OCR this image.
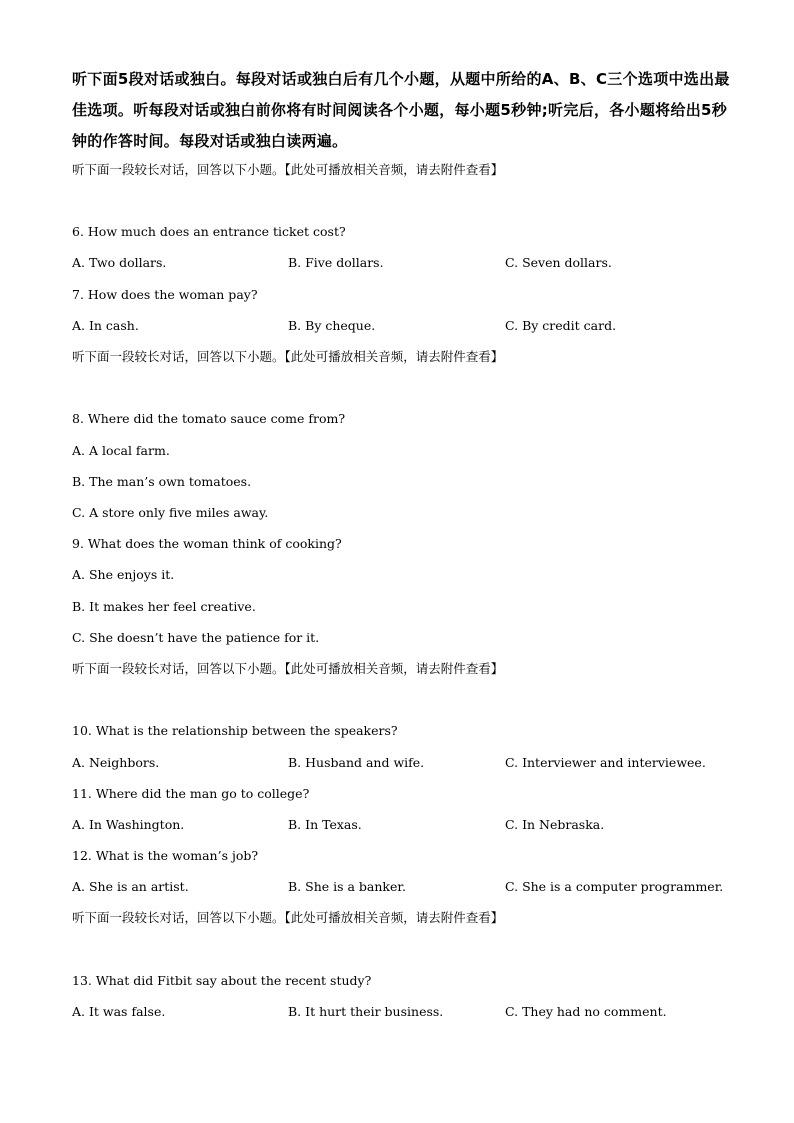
听下面5段对话或独白。每段对话或独白后有几个小题，从题中所给的A、B、C三个选项中选出最佳选项。听每段对话或独白前你将有时间阅读各个小题，每小题5秒钟;听完后，各小题将给出5秒钟的作答时间。每段对话或独白读两遍。
听下面一段较长对话，回答以下小题。【此处可播放相关音频，请去附件查看】
6. How much does an entrance ticket cost?
A. Two dollars.	B. Five dollars.	C. Seven dollars.
7. How does the woman pay?
A. In cash.	B. By cheque.	C. By credit card.
听下面一段较长对话，回答以下小题。【此处可播放相关音频，请去附件查看】
8. Where did the tomato sauce come from?
A. A local farm.
B. The man’s own tomatoes.
C. A store only five miles away.
9. What does the woman think of cooking?
A. She enjoys it.
B. It makes her feel creative.
C. She doesn’t have the patience for it.
听下面一段较长对话，回答以下小题。【此处可播放相关音频，请去附件查看】
10. What is the relationship between the speakers?
A. Neighbors.	B. Husband and wife.	C. Interviewer and interviewee.
11. Where did the man go to college?
A. In Washington.	B. In Texas.	C. In Nebraska.
12. What is the woman’s job?
A. She is an artist.	B. She is a banker.	C. She is a computer programmer.
听下面一段较长对话，回答以下小题。【此处可播放相关音频，请去附件查看】
13. What did Fitbit say about the recent study?
A. It was false.	B. It hurt their business.	C. They had no comment.
